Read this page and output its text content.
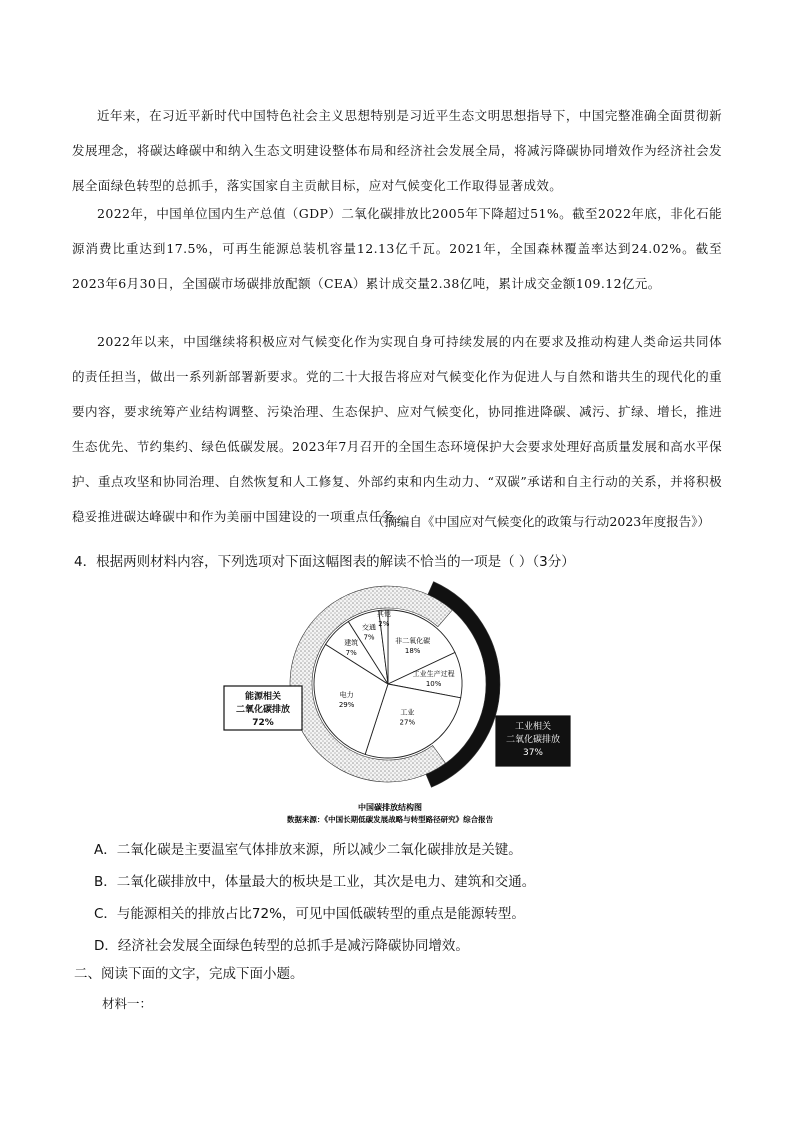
近年来，在习近平新时代中国特色社会主义思想特别是习近平生态文明思想指导下，中国完整准确全面贯彻新发展理念，将碳达峰碳中和纳入生态文明建设整体布局和经济社会发展全局，将减污降碳协同增效作为经济社会发展全面绿色转型的总抓手，落实国家自主贡献目标，应对气候变化工作取得显著成效。

2022年，中国单位国内生产总值（GDP）二氧化碳排放比2005年下降超过51%。截至2022年底，非化石能源消费比重达到17.5%，可再生能源总装机容量12.13亿千瓦。2021年，全国森林覆盖率达到24.02%。截至2023年6月30日，全国碳市场碳排放配额（CEA）累计成交量2.38亿吨，累计成交金额109.12亿元。

2022年以来，中国继续将积极应对气候变化作为实现自身可持续发展的内在要求及推动构建人类命运共同体的责任担当，做出一系列新部署新要求。党的二十大报告将应对气候变化作为促进人与自然和谐共生的现代化的重要内容，要求统筹产业结构调整、污染治理、生态保护、应对气候变化，协同推进降碳、减污、扩绿、增长，推进生态优先、节约集约、绿色低碳发展。2023年7月召开的全国生态环境保护大会要求处理好高质量发展和高水平保护、重点攻坚和协同治理、自然恢复和人工修复、外部约束和内生动力、“双碳”承诺和自主行动的关系，并将积极稳妥推进碳达峰碳中和作为美丽中国建设的一项重点任务。

（摘编自《中国应对气候变化的政策与行动2023年度报告》）
4．根据两则材料内容，下列选项对下面这幅图表的解读不恰当的一项是（ ）（3分）
非二氧化碳
18%
工业生产过程
10%
工业
27%
电力
29%
建筑
7%
交通
7%
其他
2%
能源相关
二氧化碳排放
72%	工业相关
二氧化碳排放
37%
中国碳排放结构图
数据来源：《中国长期低碳发展战略与转型路径研究》综合报告
A．二氧化碳是主要温室气体排放来源，所以减少二氧化碳排放是关键。
B．二氧化碳排放中，体量最大的板块是工业，其次是电力、建筑和交通。
C．与能源相关的排放占比72%，可见中国低碳转型的重点是能源转型。
D．经济社会发展全面绿色转型的总抓手是减污降碳协同增效。
二、阅读下面的文字，完成下面小题。
材料一：
